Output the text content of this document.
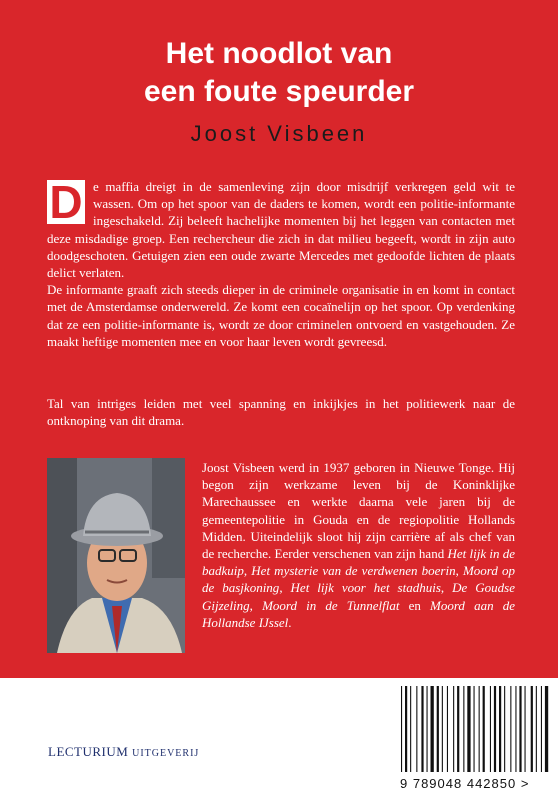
Het noodlot van
een foute speurder
Joost Visbeen
D e maffia dreigt in de samenleving zijn door misdrijf verkregen geld wit te wassen. Om op het spoor van de daders te komen, wordt een politie-informante ingeschakeld. Zij beleeft hachelijke momenten bij het leggen van contacten met deze misdadige groep. Een rechercheur die zich in dat milieu begeeft, wordt in zijn auto doodgeschoten. Getuigen zien een oude zwarte Mercedes met gedoofde lichten de plaats delict verlaten.

De informante graaft zich steeds dieper in de criminele organisatie in en komt in contact met de Amsterdamse onderwereld. Ze komt een cocaïnelijn op het spoor. Op verdenking dat ze een politie-informante is, wordt ze door criminelen ontvoerd en vastgehouden. Ze maakt heftige momenten mee en voor haar leven wordt gevreesd.

Tal van intriges leiden met veel spanning en inkijkjes in het politiewerk naar de ontknoping van dit drama.
Joost Visbeen werd in 1937 geboren in Nieuwe Tonge. Hij begon zijn werkzame leven bij de Koninklijke Marechaussee en werkte daarna vele jaren bij de gemeentepolitie in Gouda en de regiopolitie Hollands Midden. Uiteindelijk sloot hij zijn carrière af als chef van de recherche. Eerder verschenen van zijn hand Het lijk in de badkuip, Het mysterie van de verdwenen boerin, Moord op de basjkoning, Het lijk voor het stadhuis, De Goudse Gijzeling, Moord in de Tunnelflat en Moord aan de Hollandse IJssel.
LECTURIUM UITGEVERIJ
9 789048 442850 >
